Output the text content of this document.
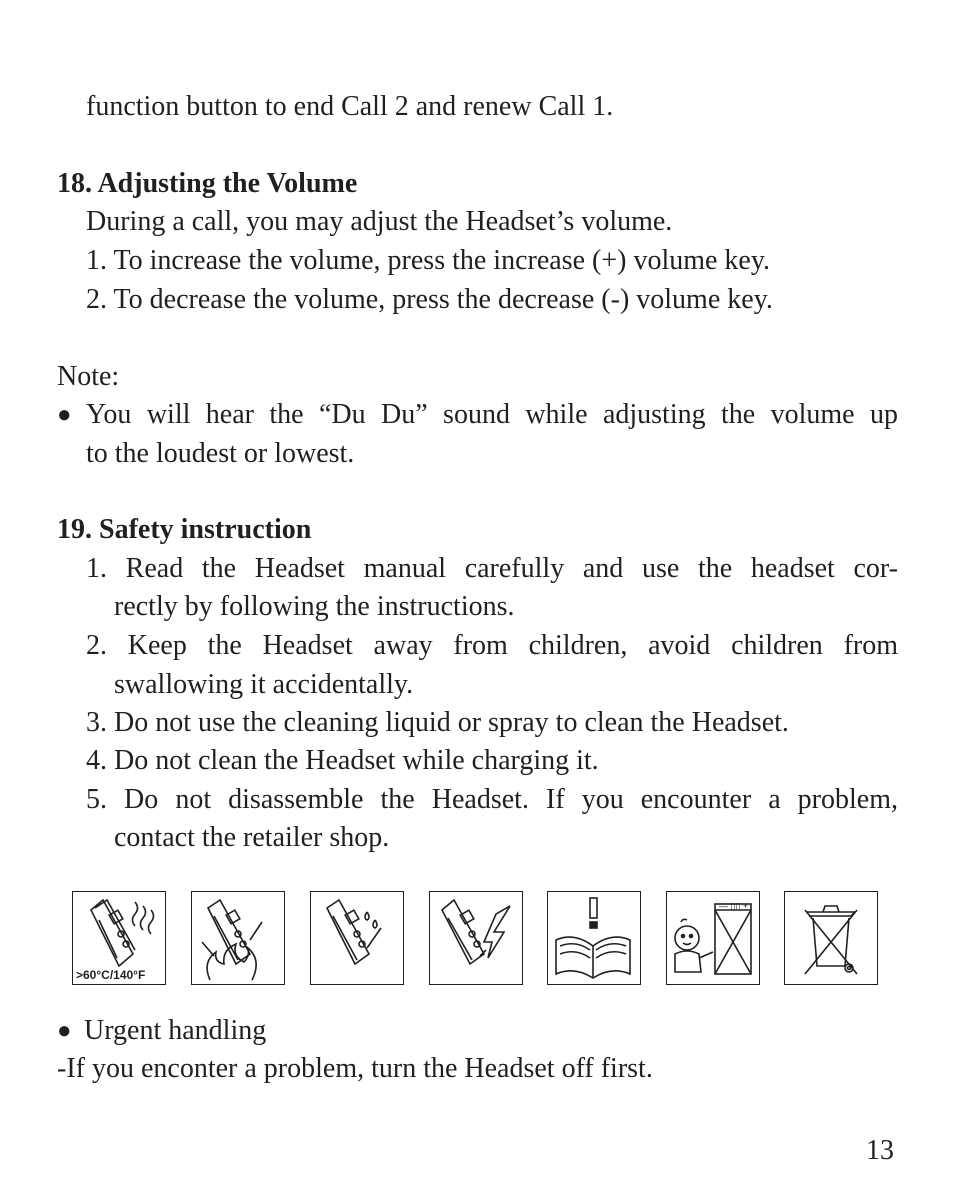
function button to end Call 2 and renew Call 1.
18. Adjusting the Volume
During a call, you may adjust the Headset’s volume.
1. To increase the volume, press the increase (+) volume key.
2. To decrease the volume, press the decrease (-) volume key.
Note:
● You will hear the “Du Du” sound while adjusting the volume up
to the loudest or lowest.
19. Safety instruction
1. Read the Headset manual carefully and use the headset cor-
rectly by following the instructions.
2. Keep the Headset away from children, avoid children from
swallowing it accidentally.
3. Do not use the cleaning liquid or spray to clean the Headset.
4. Do not clean the Headset while charging it.
5. Do not disassemble the Headset. If you encounter a problem,
contact the retailer shop.
>60°C/140°F
— ▯▯ +
● Urgent handling
-If you enconter a problem, turn the Headset off first.
13
